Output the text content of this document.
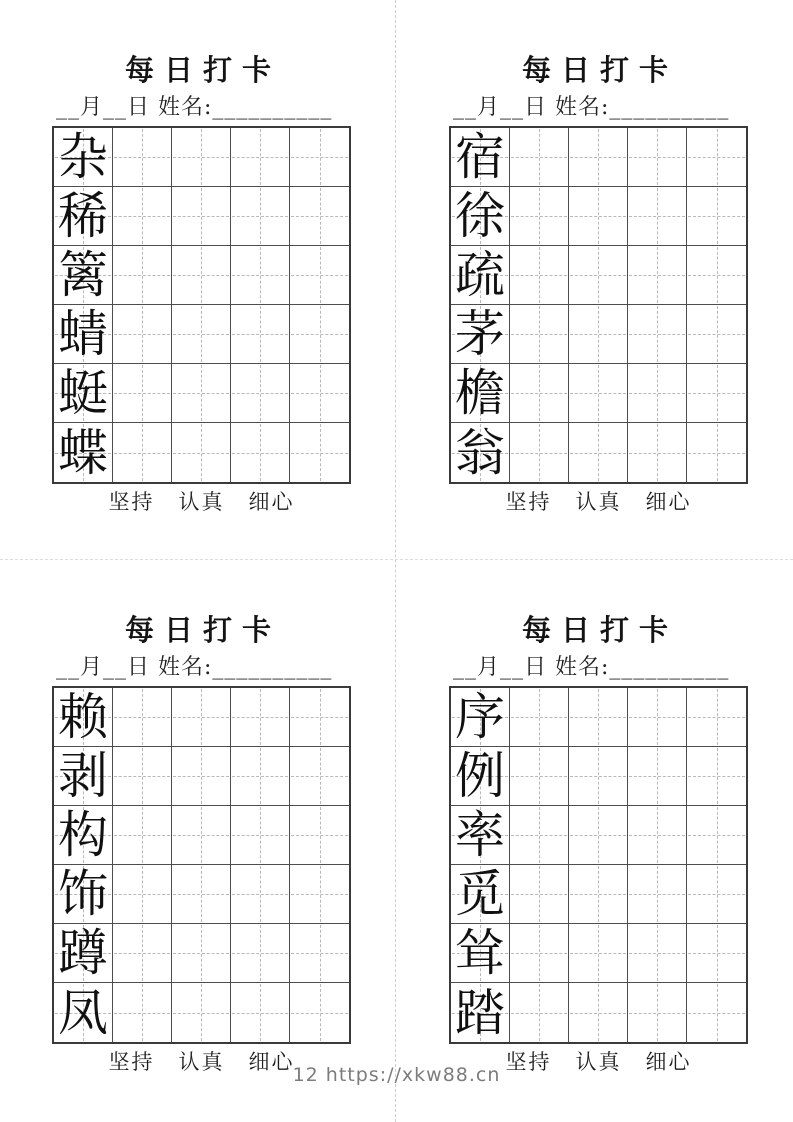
每日打卡
__月__日 姓名:__________
杂
稀
篱
蜻
蜓
蝶
坚持 认真 细心
每日打卡
__月__日 姓名:__________
宿
徐
疏
茅
檐
翁
坚持 认真 细心
每日打卡
__月__日 姓名:__________
赖
剥
构
饰
蹲
凤
坚持 认真 细心
每日打卡
__月__日 姓名:__________
序
例
率
觅
耸
踏
坚持 认真 细心
12 https://xkw88.cn
